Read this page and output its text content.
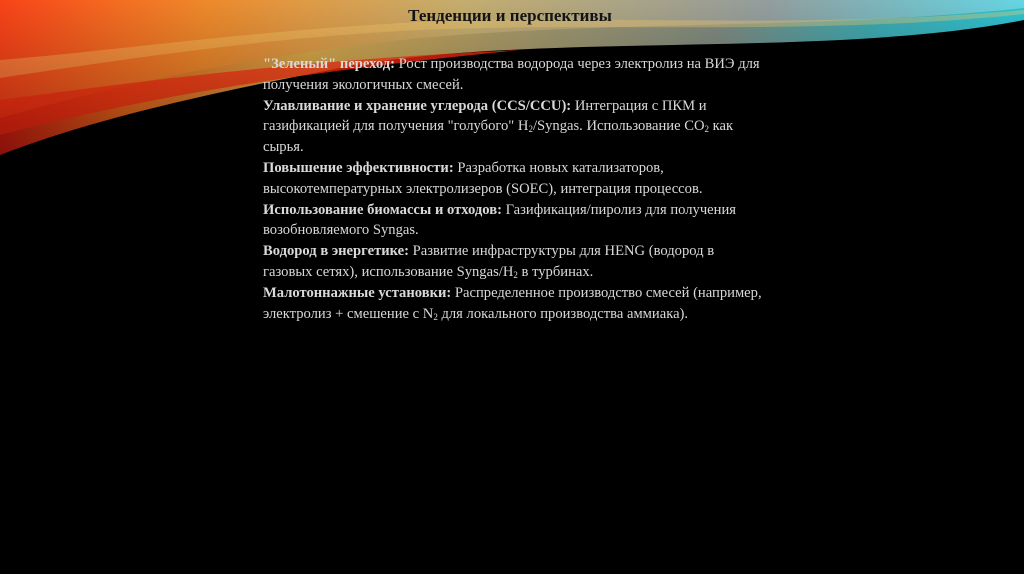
Тенденции и перспективы

"Зеленый" переход: Рост производства водорода через электролиз на ВИЭ для получения экологичных смесей.

Улавливание и хранение углерода (CCS/CCU): Интеграция с ПКМ и газификацией для получения "голубого" $H_2$/Syngas. Использование $CO_2$ как сырья.

Повышение эффективности: Разработка новых катализаторов, высокотемпературных электролизеров (SOEC), интеграция процессов.

Использование биомассы и отходов: Газификация/пиролиз для получения возобновляемого Syngas.

Водород в энергетике: Развитие инфраструктуры для HENG (водород в газовых сетях), использование Syngas/$H_2$ в турбинах.

Малотоннажные установки: Распределенное производство смесей (например, электролиз + смешение с $N_2$ для локального производства аммиака).
